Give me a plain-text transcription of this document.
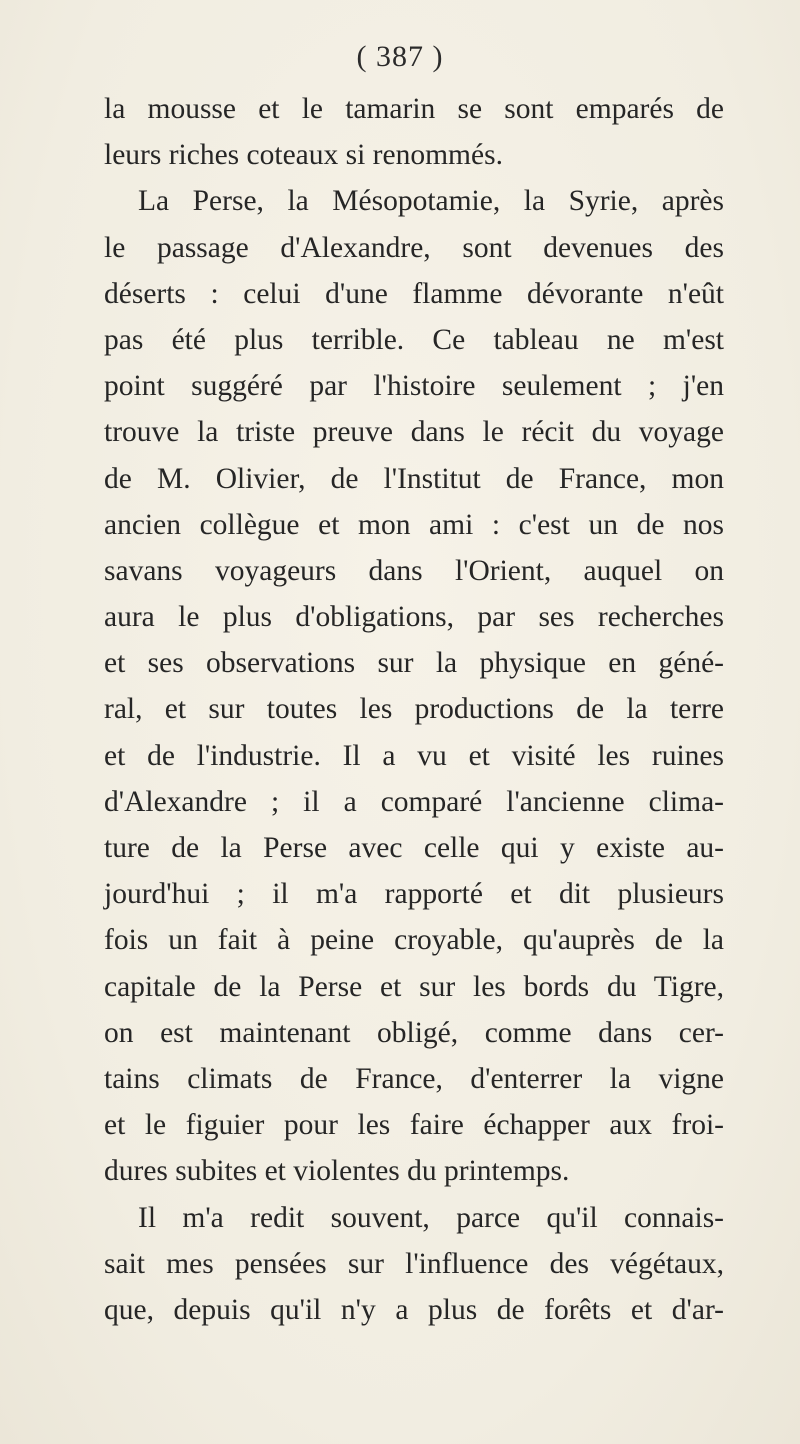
( 387 )
la mousse et le tamarin se sont emparés de
leurs riches coteaux si renommés.
La Perse, la Mésopotamie, la Syrie, après
le passage d'Alexandre, sont devenues des
déserts : celui d'une flamme dévorante n'eût
pas été plus terrible. Ce tableau ne m'est
point suggéré par l'histoire seulement ; j'en
trouve la triste preuve dans le récit du voyage
de M. Olivier, de l'Institut de France, mon
ancien collègue et mon ami : c'est un de nos
savans voyageurs dans l'Orient, auquel on
aura le plus d'obligations, par ses recherches
et ses observations sur la physique en géné-
ral, et sur toutes les productions de la terre
et de l'industrie. Il a vu et visité les ruines
d'Alexandre ; il a comparé l'ancienne clima-
ture de la Perse avec celle qui y existe au-
jourd'hui ; il m'a rapporté et dit plusieurs
fois un fait à peine croyable, qu'auprès de la
capitale de la Perse et sur les bords du Tigre,
on est maintenant obligé, comme dans cer-
tains climats de France, d'enterrer la vigne
et le figuier pour les faire échapper aux froi-
dures subites et violentes du printemps.
Il m'a redit souvent, parce qu'il connais-
sait mes pensées sur l'influence des végétaux,
que, depuis qu'il n'y a plus de forêts et d'ar-
